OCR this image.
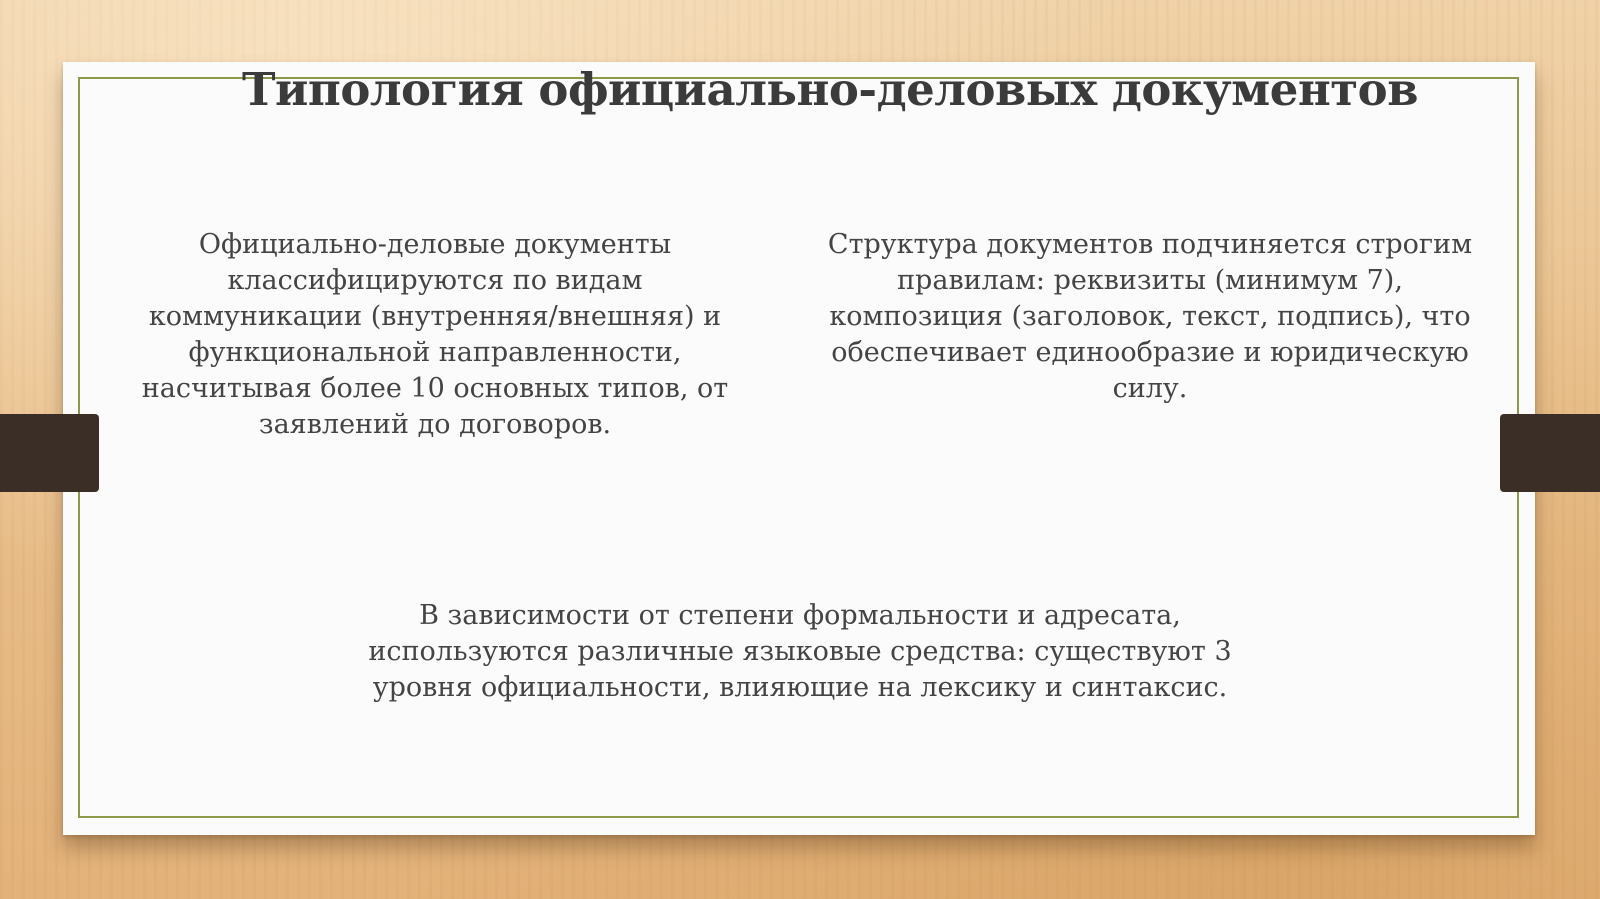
Типология официально-деловых документов
Официально-деловые документы
классифицируются по видам
коммуникации (внутренняя/внешняя) и
функциональной направленности,
насчитывая более 10 основных типов, от
заявлений до договоров.
Структура документов подчиняется строгим
правилам: реквизиты (минимум 7),
композиция (заголовок, текст, подпись), что
обеспечивает единообразие и юридическую
силу.
В зависимости от степени формальности и адресата,
используются различные языковые средства: существуют 3
уровня официальности, влияющие на лексику и синтаксис.
